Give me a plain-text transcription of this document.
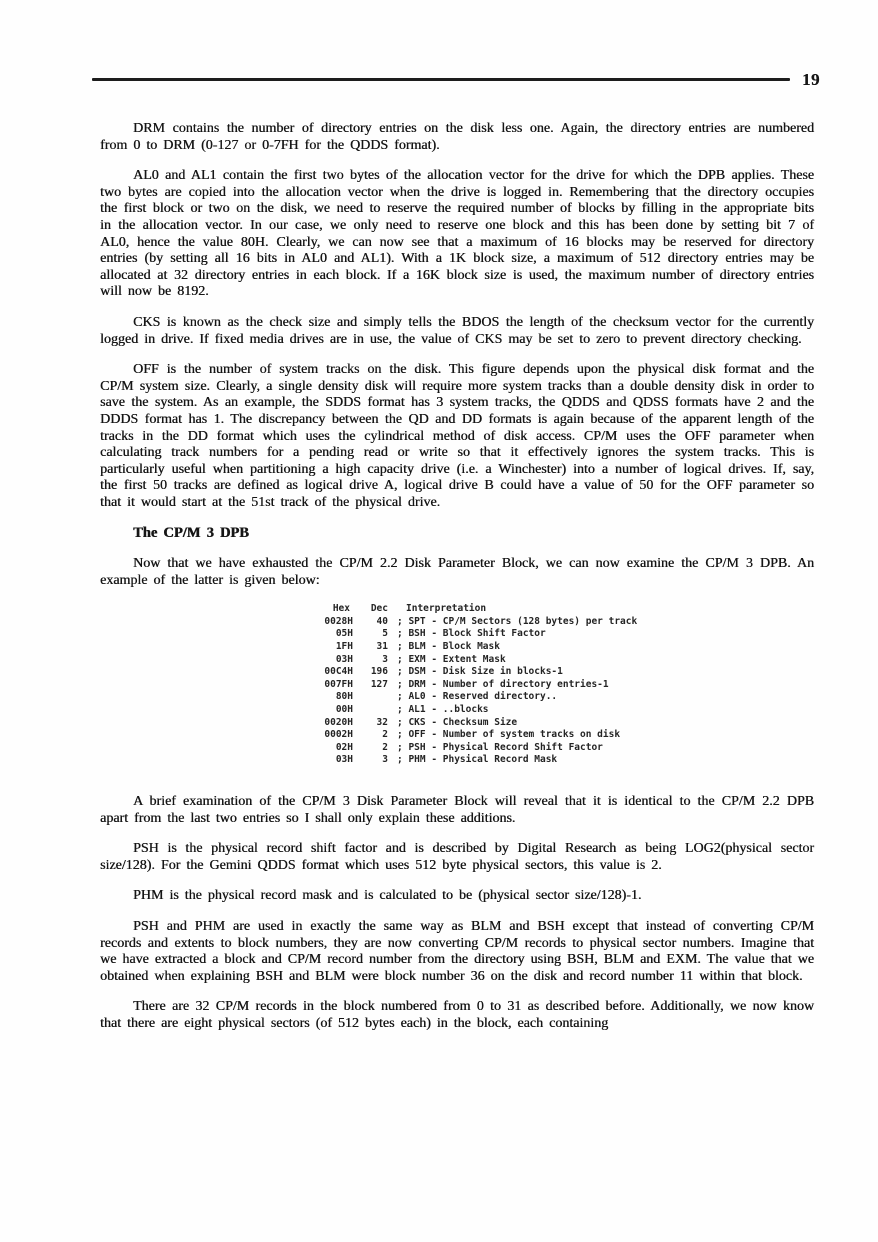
19

DRM contains the number of directory entries on the disk less one. Again, the directory entries are numbered from 0 to DRM (0-127 or 0-7FH for the QDDS format).

AL0 and AL1 contain the first two bytes of the allocation vector for the drive for which the DPB applies. These two bytes are copied into the allocation vector when the drive is logged in. Remembering that the directory occupies the first block or two on the disk, we need to reserve the required number of blocks by filling in the appropriate bits in the allocation vector. In our case, we only need to reserve one block and this has been done by setting bit 7 of AL0, hence the value 80H. Clearly, we can now see that a maximum of 16 blocks may be reserved for directory entries (by setting all 16 bits in AL0 and AL1). With a 1K block size, a maximum of 512 directory entries may be allocated at 32 directory entries in each block. If a 16K block size is used, the maximum number of directory entries will now be 8192.

CKS is known as the check size and simply tells the BDOS the length of the checksum vector for the currently logged in drive. If fixed media drives are in use, the value of CKS may be set to zero to prevent directory checking.

OFF is the number of system tracks on the disk. This figure depends upon the physical disk format and the CP/M system size. Clearly, a single density disk will require more system tracks than a double density disk in order to save the system. As an example, the SDDS format has 3 system tracks, the QDDS and QDSS formats have 2 and the DDDS format has 1. The discrepancy between the QD and DD formats is again because of the apparent length of the tracks in the DD format which uses the cylindrical method of disk access. CP/M uses the OFF parameter when calculating track numbers for a pending read or write so that it effectively ignores the system tracks. This is particularly useful when partitioning a high capacity drive (i.e. a Winchester) into a number of logical drives. If, say, the first 50 tracks are defined as logical drive A, logical drive B could have a value of 50 for the OFF parameter so that it would start at the 51st track of the physical drive.

The CP/M 3 DPB

Now that we have exhausted the CP/M 2.2 Disk Parameter Block, we can now examine the CP/M 3 DPB. An example of the latter is given below:

Hex	Dec	Interpretation
0028H	40 ; SPT - CP/M Sectors (128 bytes) per track
05H	5 ; BSH - Block Shift Factor
1FH	31 ; BLM - Block Mask
03H	3 ; EXM - Extent Mask
00C4H	196 ; DSM - Disk Size in blocks-1
007FH	127 ; DRM - Number of directory entries-1
80H	; AL0 - Reserved directory..
00H	; AL1 - ..blocks
0020H	32 ; CKS - Checksum Size
0002H	2 ; OFF - Number of system tracks on disk
02H	2 ; PSH - Physical Record Shift Factor
03H	3 ; PHM - Physical Record Mask

A brief examination of the CP/M 3 Disk Parameter Block will reveal that it is identical to the CP/M 2.2 DPB apart from the last two entries so I shall only explain these additions.

PSH is the physical record shift factor and is described by Digital Research as being LOG2(physical sector size/128). For the Gemini QDDS format which uses 512 byte physical sectors, this value is 2.

PHM is the physical record mask and is calculated to be (physical sector size/128)-1.

PSH and PHM are used in exactly the same way as BLM and BSH except that instead of converting CP/M records and extents to block numbers, they are now converting CP/M records to physical sector numbers. Imagine that we have extracted a block and CP/M record number from the directory using BSH, BLM and EXM. The value that we obtained when explaining BSH and BLM were block number 36 on the disk and record number 11 within that block.

There are 32 CP/M records in the block numbered from 0 to 31 as described before. Additionally, we now know that there are eight physical sectors (of 512 bytes each) in the block, each containing
